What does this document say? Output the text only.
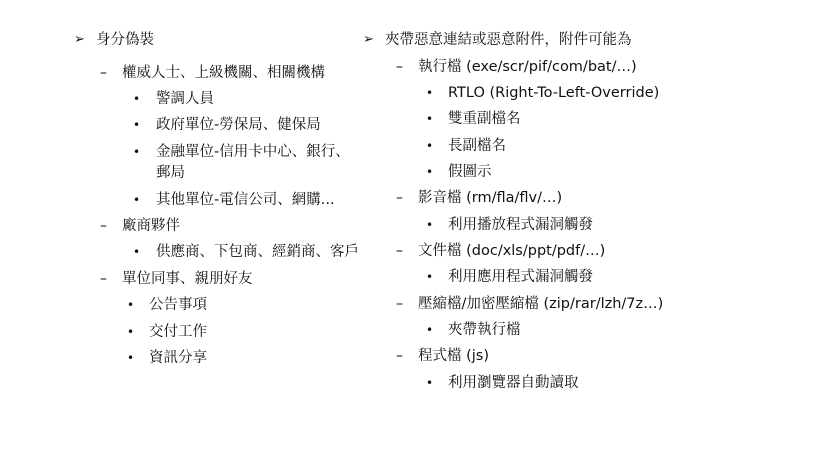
➢ 身分偽裝
–	權威人士、上級機關、相關機構
•	警調人員
•	政府單位-勞保局、健保局
•	金融單位-信用卡中心、銀行、
郵局
•	其他單位-電信公司、網購...
–	廠商夥伴
•	供應商、下包商、經銷商、客戶
–	單位同事、親朋好友
•	公告事項
•	交付工作
•	資訊分享
➢ 夾帶惡意連結或惡意附件，附件可能為
–	執行檔 (exe/scr/pif/com/bat/…)
•	RTLO (Right-To-Left-Override)
•	雙重副檔名
•	長副檔名
•	假圖示
–	影音檔 (rm/fla/flv/…)
•	利用播放程式漏洞觸發
–	文件檔 (doc/xls/ppt/pdf/…)
•	利用應用程式漏洞觸發
–	壓縮檔/加密壓縮檔 (zip/rar/lzh/7z…)
•	夾帶執行檔
–	程式檔 (js)
•	利用瀏覽器自動讀取
